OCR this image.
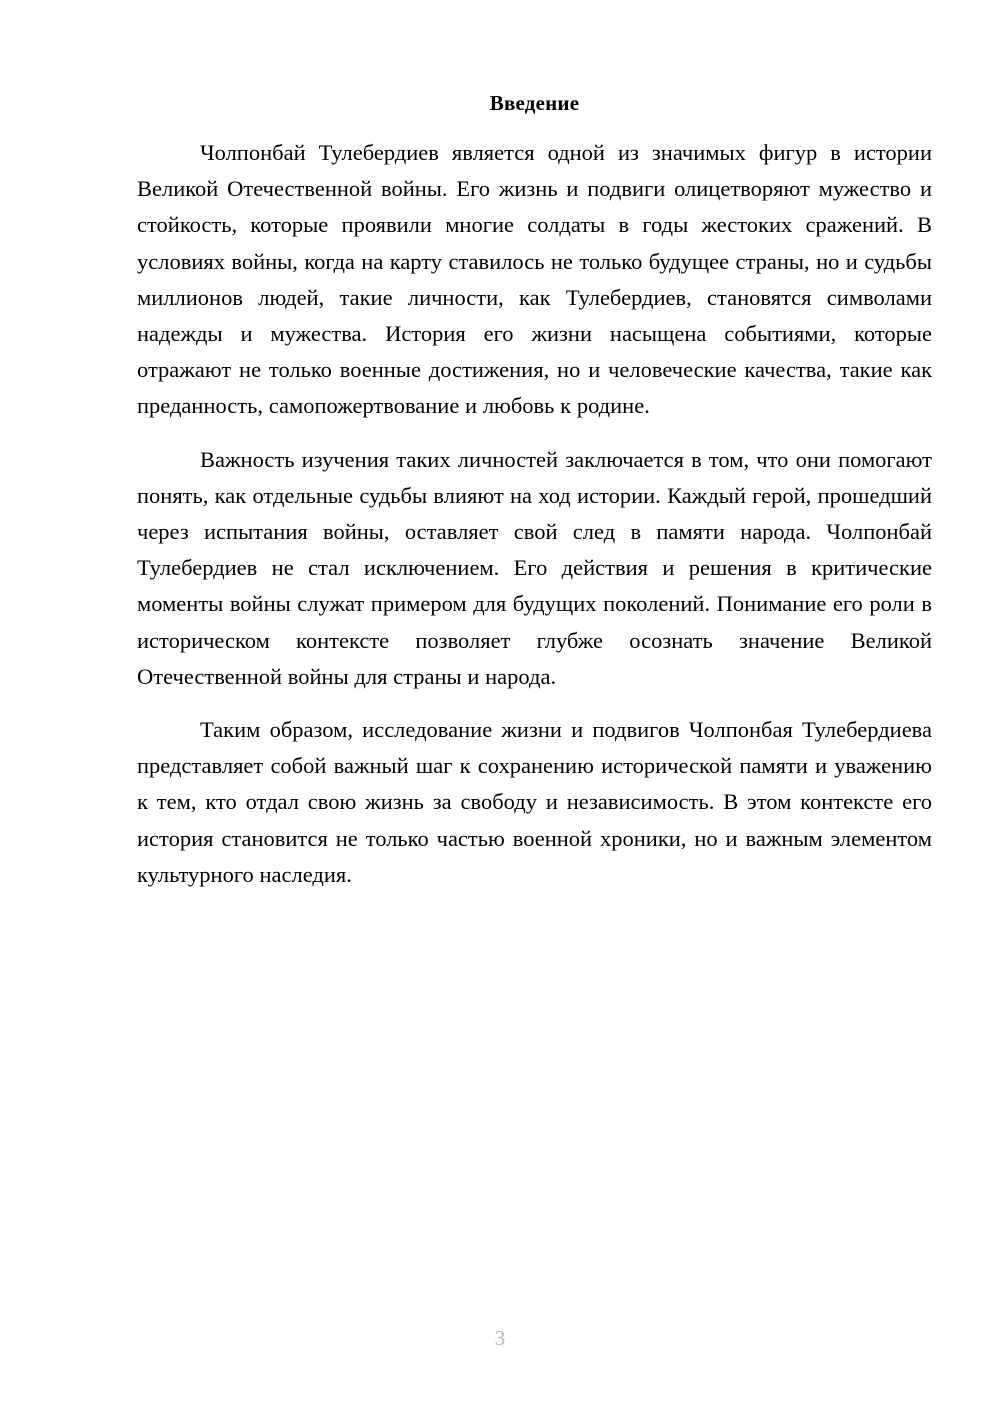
Введение

Чолпонбай Тулебердиев является одной из значимых фигур в истории Великой Отечественной войны. Его жизнь и подвиги олицетворяют мужество и стойкость, которые проявили многие солдаты в годы жестоких сражений. В условиях войны, когда на карту ставилось не только будущее страны, но и судьбы миллионов людей, такие личности, как Тулебердиев, становятся символами надежды и мужества. История его жизни насыщена событиями, которые отражают не только военные достижения, но и человеческие качества, такие как преданность, самопожертвование и любовь к родине.

Важность изучения таких личностей заключается в том, что они помогают понять, как отдельные судьбы влияют на ход истории. Каждый герой, прошедший через испытания войны, оставляет свой след в памяти народа. Чолпонбай Тулебердиев не стал исключением. Его действия и решения в критические моменты войны служат примером для будущих поколений. Понимание его роли в историческом контексте позволяет глубже осознать значение Великой Отечественной войны для страны и народа.

Таким образом, исследование жизни и подвигов Чолпонбая Тулебердиева представляет собой важный шаг к сохранению исторической памяти и уважению к тем, кто отдал свою жизнь за свободу и независимость. В этом контексте его история становится не только частью военной хроники, но и важным элементом культурного наследия.

3
